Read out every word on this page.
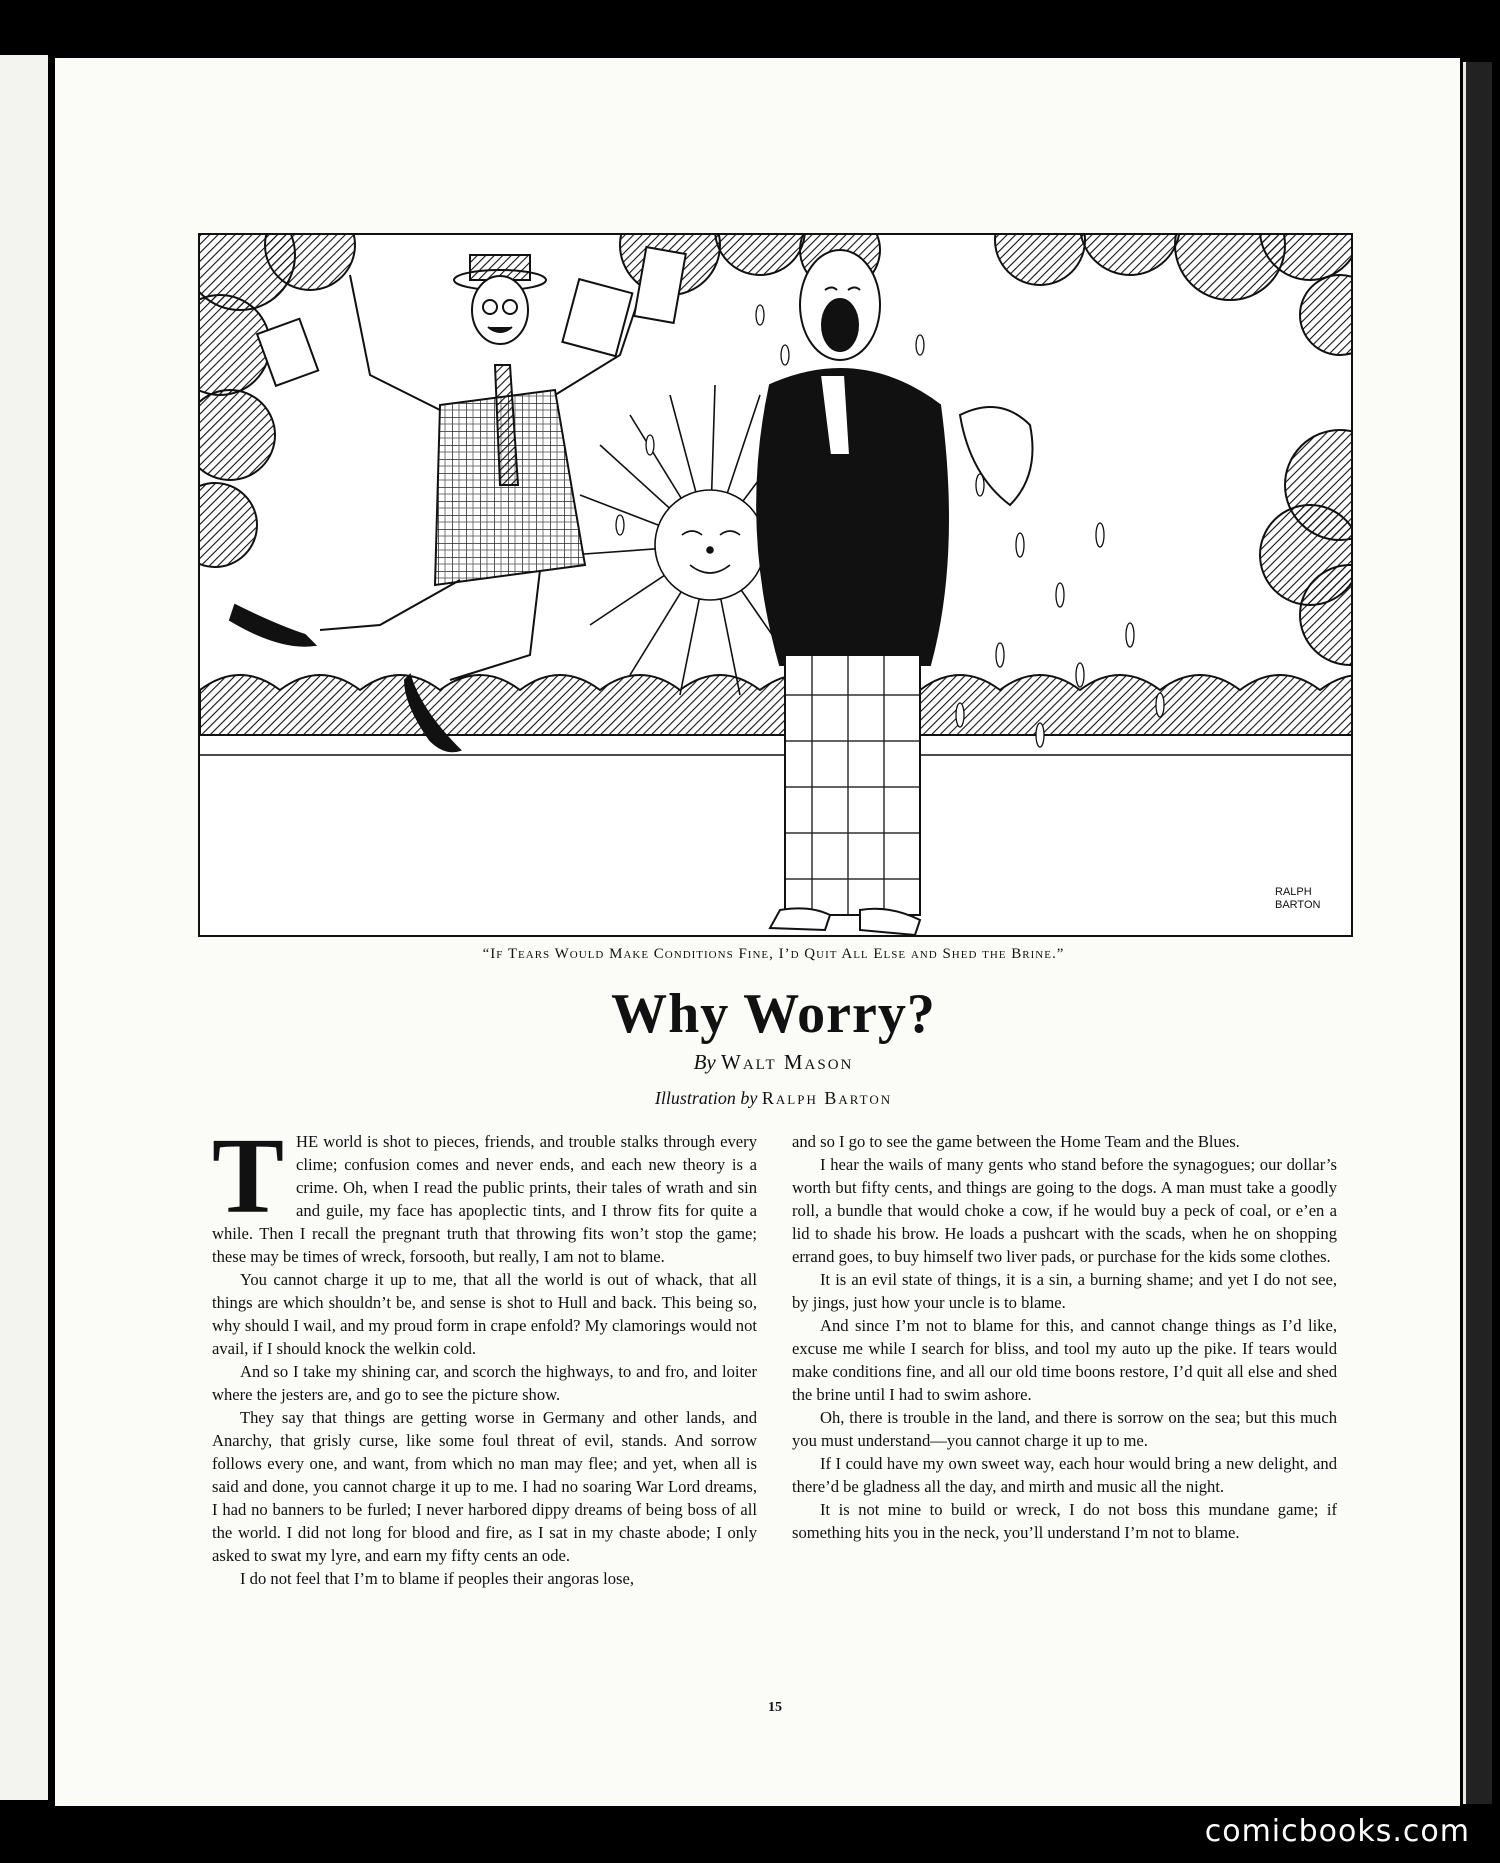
RALPH
BARTON
“If Tears Would Make Conditions Fine, I’d Quit All Else and Shed the Brine.”
Why Worry?
By Walt Mason
Illustration by Ralph Barton

THE world is shot to pieces, friends, and trouble stalks through every clime; confusion comes and never ends, and each new theory is a crime. Oh, when I read the public prints, their tales of wrath and sin and guile, my face has apoplectic tints, and I throw fits for quite a while. Then I recall the pregnant truth that throwing fits won’t stop the game; these may be times of wreck, forsooth, but really, I am not to blame.

You cannot charge it up to me, that all the world is out of whack, that all things are which shouldn’t be, and sense is shot to Hull and back. This being so, why should I wail, and my proud form in crape enfold? My clamorings would not avail, if I should knock the welkin cold.

And so I take my shining car, and scorch the highways, to and fro, and loiter where the jesters are, and go to see the picture show.

They say that things are getting worse in Germany and other lands, and Anarchy, that grisly curse, like some foul threat of evil, stands. And sorrow follows every one, and want, from which no man may flee; and yet, when all is said and done, you cannot charge it up to me. I had no soaring War Lord dreams, I had no banners to be furled; I never harbored dippy dreams of being boss of all the world. I did not long for blood and fire, as I sat in my chaste abode; I only asked to swat my lyre, and earn my fifty cents an ode.

I do not feel that I’m to blame if peoples their angoras lose,

and so I go to see the game between the Home Team and the Blues.

I hear the wails of many gents who stand before the synagogues; our dollar’s worth but fifty cents, and things are going to the dogs. A man must take a goodly roll, a bundle that would choke a cow, if he would buy a peck of coal, or e’en a lid to shade his brow. He loads a pushcart with the scads, when he on shopping errand goes, to buy himself two liver pads, or purchase for the kids some clothes.

It is an evil state of things, it is a sin, a burning shame; and yet I do not see, by jings, just how your uncle is to blame.

And since I’m not to blame for this, and cannot change things as I’d like, excuse me while I search for bliss, and tool my auto up the pike. If tears would make conditions fine, and all our old time boons restore, I’d quit all else and shed the brine until I had to swim ashore.

Oh, there is trouble in the land, and there is sorrow on the sea; but this much you must understand—you cannot charge it up to me.

If I could have my own sweet way, each hour would bring a new delight, and there’d be gladness all the day, and mirth and music all the night.

It is not mine to build or wreck, I do not boss this mundane game; if something hits you in the neck, you’ll understand I’m not to blame.

15
comicbooks.com
